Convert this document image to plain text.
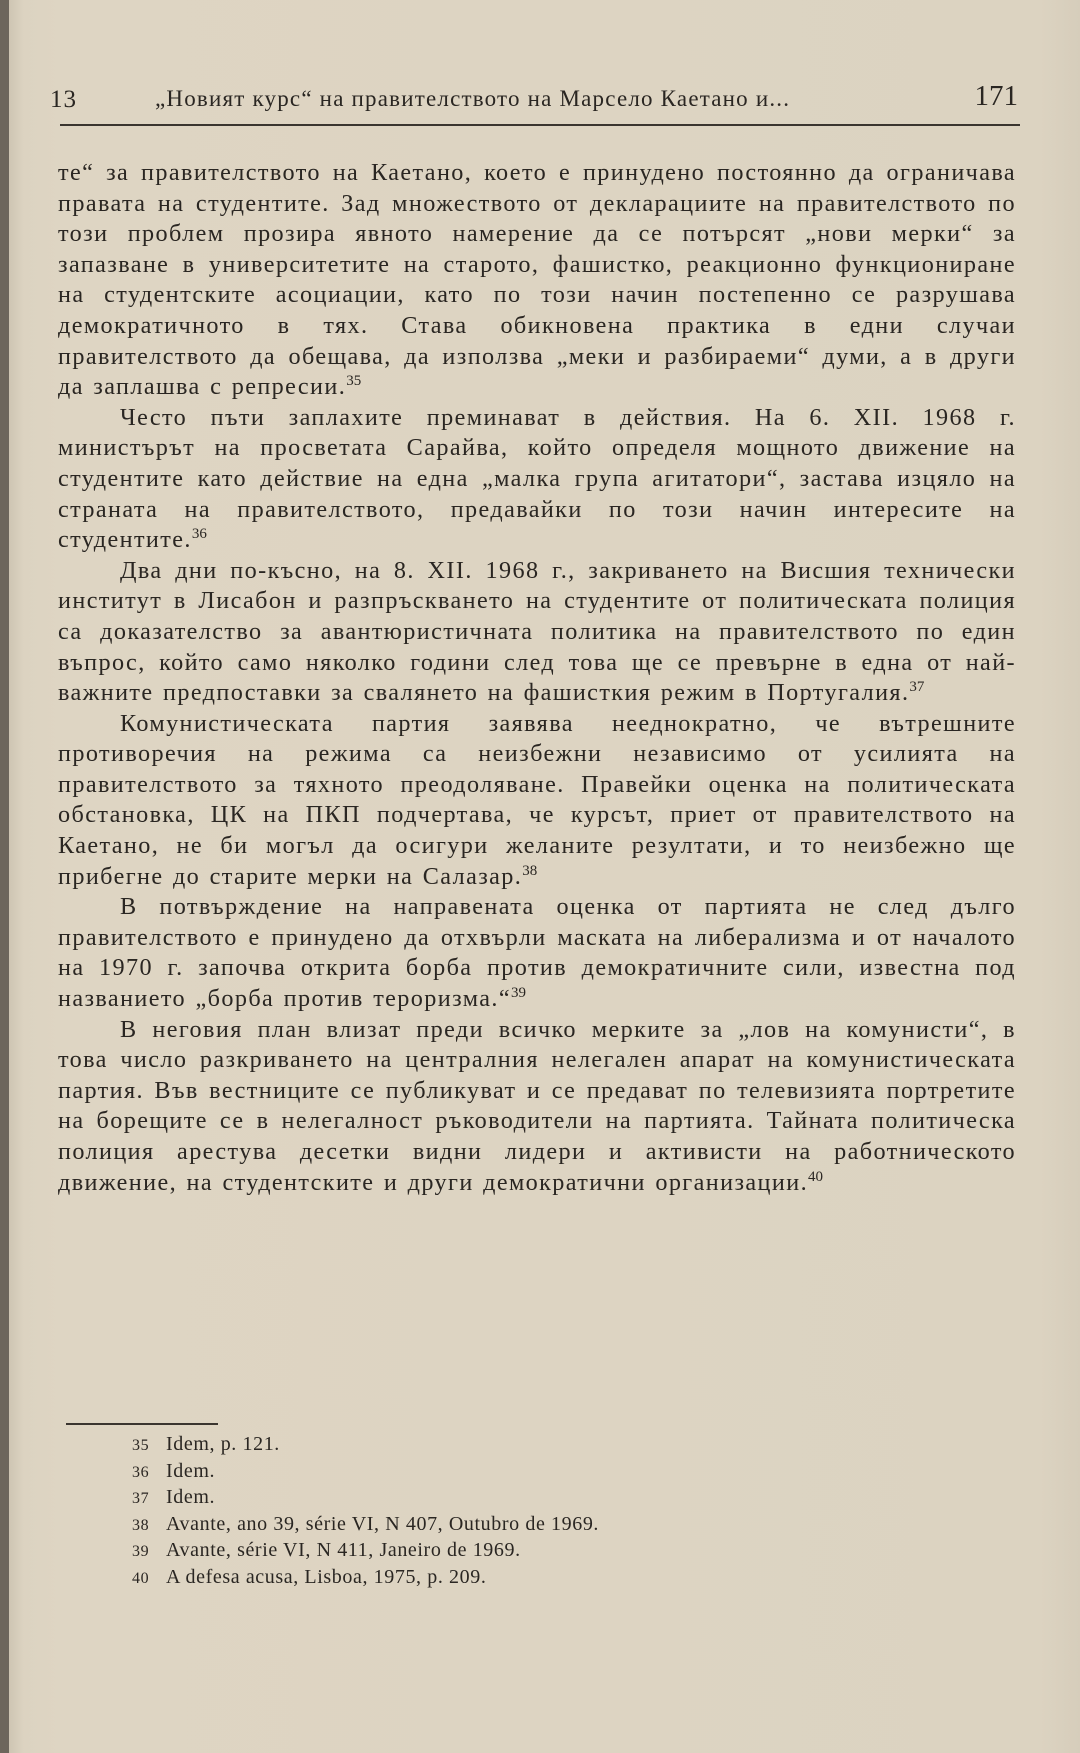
13	„Новият курс“ на правителството на Марсело Каетано и...	171

те“ за правителството на Каетано, което е принудено постоянно да ограничава правата на студентите. Зад множеството от декларациите на правителството по този проблем прозира явното намерение да се потърсят „нови мерки“ за запазване в университетите на старото, фашистко, реакционно функциониране на студентските асоциации, като по този начин постепенно се разрушава демократичното в тях. Става обикновена практика в едни случаи правителството да обещава, да използва „меки и разбираеми“ думи, а в други да заплашва с репресии.$^{35}$

Често пъти заплахите преминават в действия. На 6. XII. 1968 г. министърът на просветата Сарайва, който определя мощното движение на студентите като действие на една „малка група агитатори“, застава изцяло на страната на правителството, предавайки по този начин интересите на студентите.$^{36}$

Два дни по-късно, на 8. XII. 1968 г., закриването на Висшия технически институт в Лисабон и разпръскването на студентите от политическата полиция са доказателство за авантюристичната политика на правителството по един въпрос, който само няколко години след това ще се превърне в една от най-важните предпоставки за свалянето на фашисткия режим в Португалия.$^{37}$

Комунистическата партия заявява нееднократно, че вътрешните противоречия на режима са неизбежни независимо от усилията на правителството за тяхното преодоляване. Правейки оценка на политическата обстановка, ЦК на ПКП подчертава, че курсът, приет от правителството на Каетано, не би могъл да осигури желаните резултати, и то неизбежно ще прибегне до старите мерки на Салазар.$^{38}$

В потвърждение на направената оценка от партията не след дълго правителството е принудено да отхвърли маската на либерализма и от началото на 1970 г. започва открита борба против демократичните сили, известна под названието „борба против тероризма.“$^{39}$

В неговия план влизат преди всичко мерките за „лов на комунисти“, в това число разкриването на централния нелегален апарат на комунистическата партия. Във вестниците се публикуват и се предават по телевизията портретите на борещите се в нелегалност ръководители на партията. Тайната политическа полиция арестува десетки видни лидери и активисти на работническото движение, на студентските и други демократични организации.$^{40}$

35 Idem, p. 121.
36 Idem.
37 Idem.
38 Avante, ano 39, série VI, N 407, Outubro de 1969.
39 Avante, série VI, N 411, Janeiro de 1969.
40 A defesa acusa, Lisboa, 1975, p. 209.
